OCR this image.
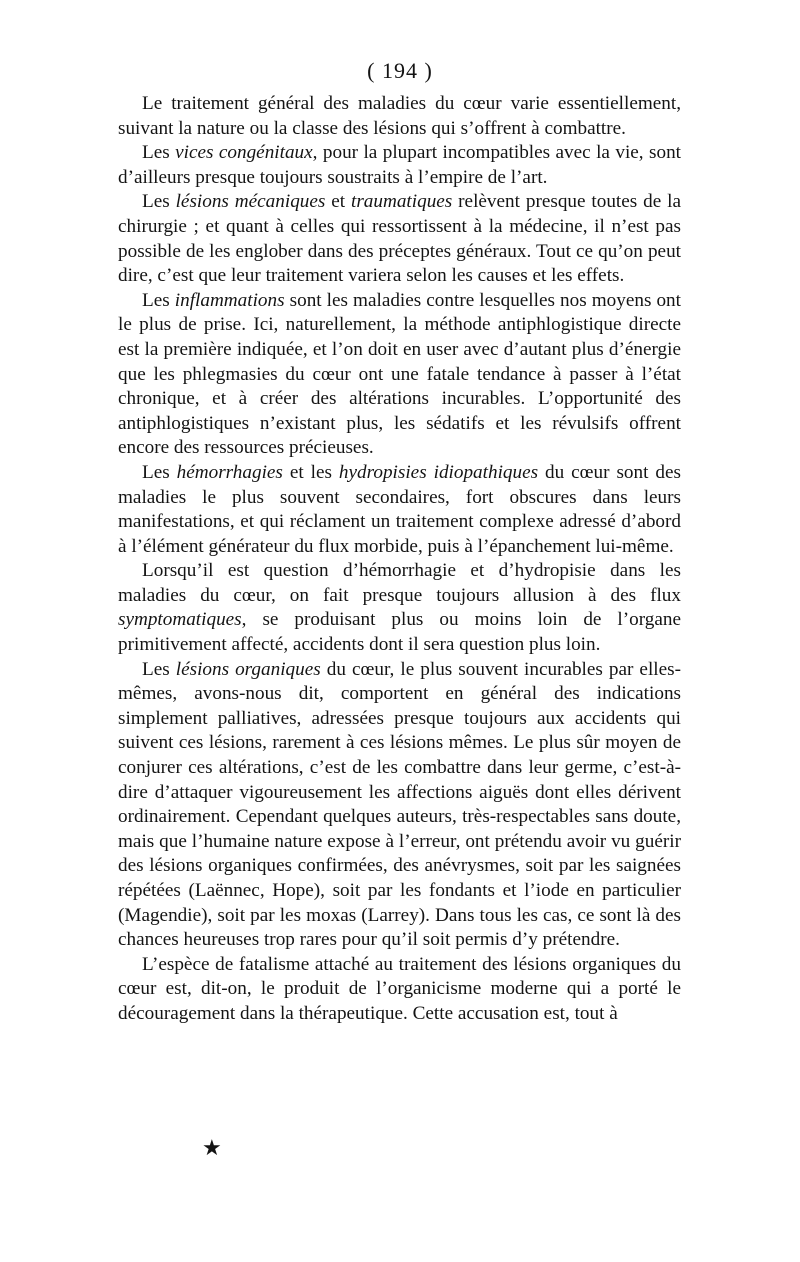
( 194 )

Le traitement général des maladies du cœur varie essentiellement, suivant la nature ou la classe des lésions qui s’offrent à combattre.

Les vices congénitaux, pour la plupart incompatibles avec la vie, sont d’ailleurs presque toujours soustraits à l’empire de l’art.

Les lésions mécaniques et traumatiques relèvent presque toutes de la chirurgie ; et quant à celles qui ressortissent à la médecine, il n’est pas possible de les englober dans des préceptes généraux. Tout ce qu’on peut dire, c’est que leur traitement variera selon les causes et les effets.

Les inflammations sont les maladies contre lesquelles nos moyens ont le plus de prise. Ici, naturellement, la méthode antiphlogistique directe est la première indiquée, et l’on doit en user avec d’autant plus d’énergie que les phlegmasies du cœur ont une fatale tendance à passer à l’état chronique, et à créer des altérations incurables. L’opportunité des antiphlogistiques n’existant plus, les sédatifs et les révulsifs offrent encore des ressources précieuses.

Les hémorrhagies et les hydropisies idiopathiques du cœur sont des maladies le plus souvent secondaires, fort obscures dans leurs manifestations, et qui réclament un traitement complexe adressé d’abord à l’élément générateur du flux morbide, puis à l’épanchement lui-même.

Lorsqu’il est question d’hémorrhagie et d’hydropisie dans les maladies du cœur, on fait presque toujours allusion à des flux symptomatiques, se produisant plus ou moins loin de l’organe primitivement affecté, accidents dont il sera question plus loin.

Les lésions organiques du cœur, le plus souvent incurables par elles-mêmes, avons-nous dit, comportent en général des indications simplement palliatives, adressées presque toujours aux accidents qui suivent ces lésions, rarement à ces lésions mêmes. Le plus sûr moyen de conjurer ces altérations, c’est de les combattre dans leur germe, c’est-à-dire d’attaquer vigoureusement les affections aiguës dont elles dérivent ordinairement. Cependant quelques auteurs, très-respectables sans doute, mais que l’humaine nature expose à l’erreur, ont prétendu avoir vu guérir des lésions organiques confirmées, des anévrysmes, soit par les saignées répétées (Laënnec, Hope), soit par les fondants et l’iode en particulier (Magendie), soit par les moxas (Larrey). Dans tous les cas, ce sont là des chances heureuses trop rares pour qu’il soit permis d’y prétendre.

L’espèce de fatalisme attaché au traitement des lésions organiques du cœur est, dit-on, le produit de l’organicisme moderne qui a porté le découragement dans la thérapeutique. Cette accusation est, tout à

★
